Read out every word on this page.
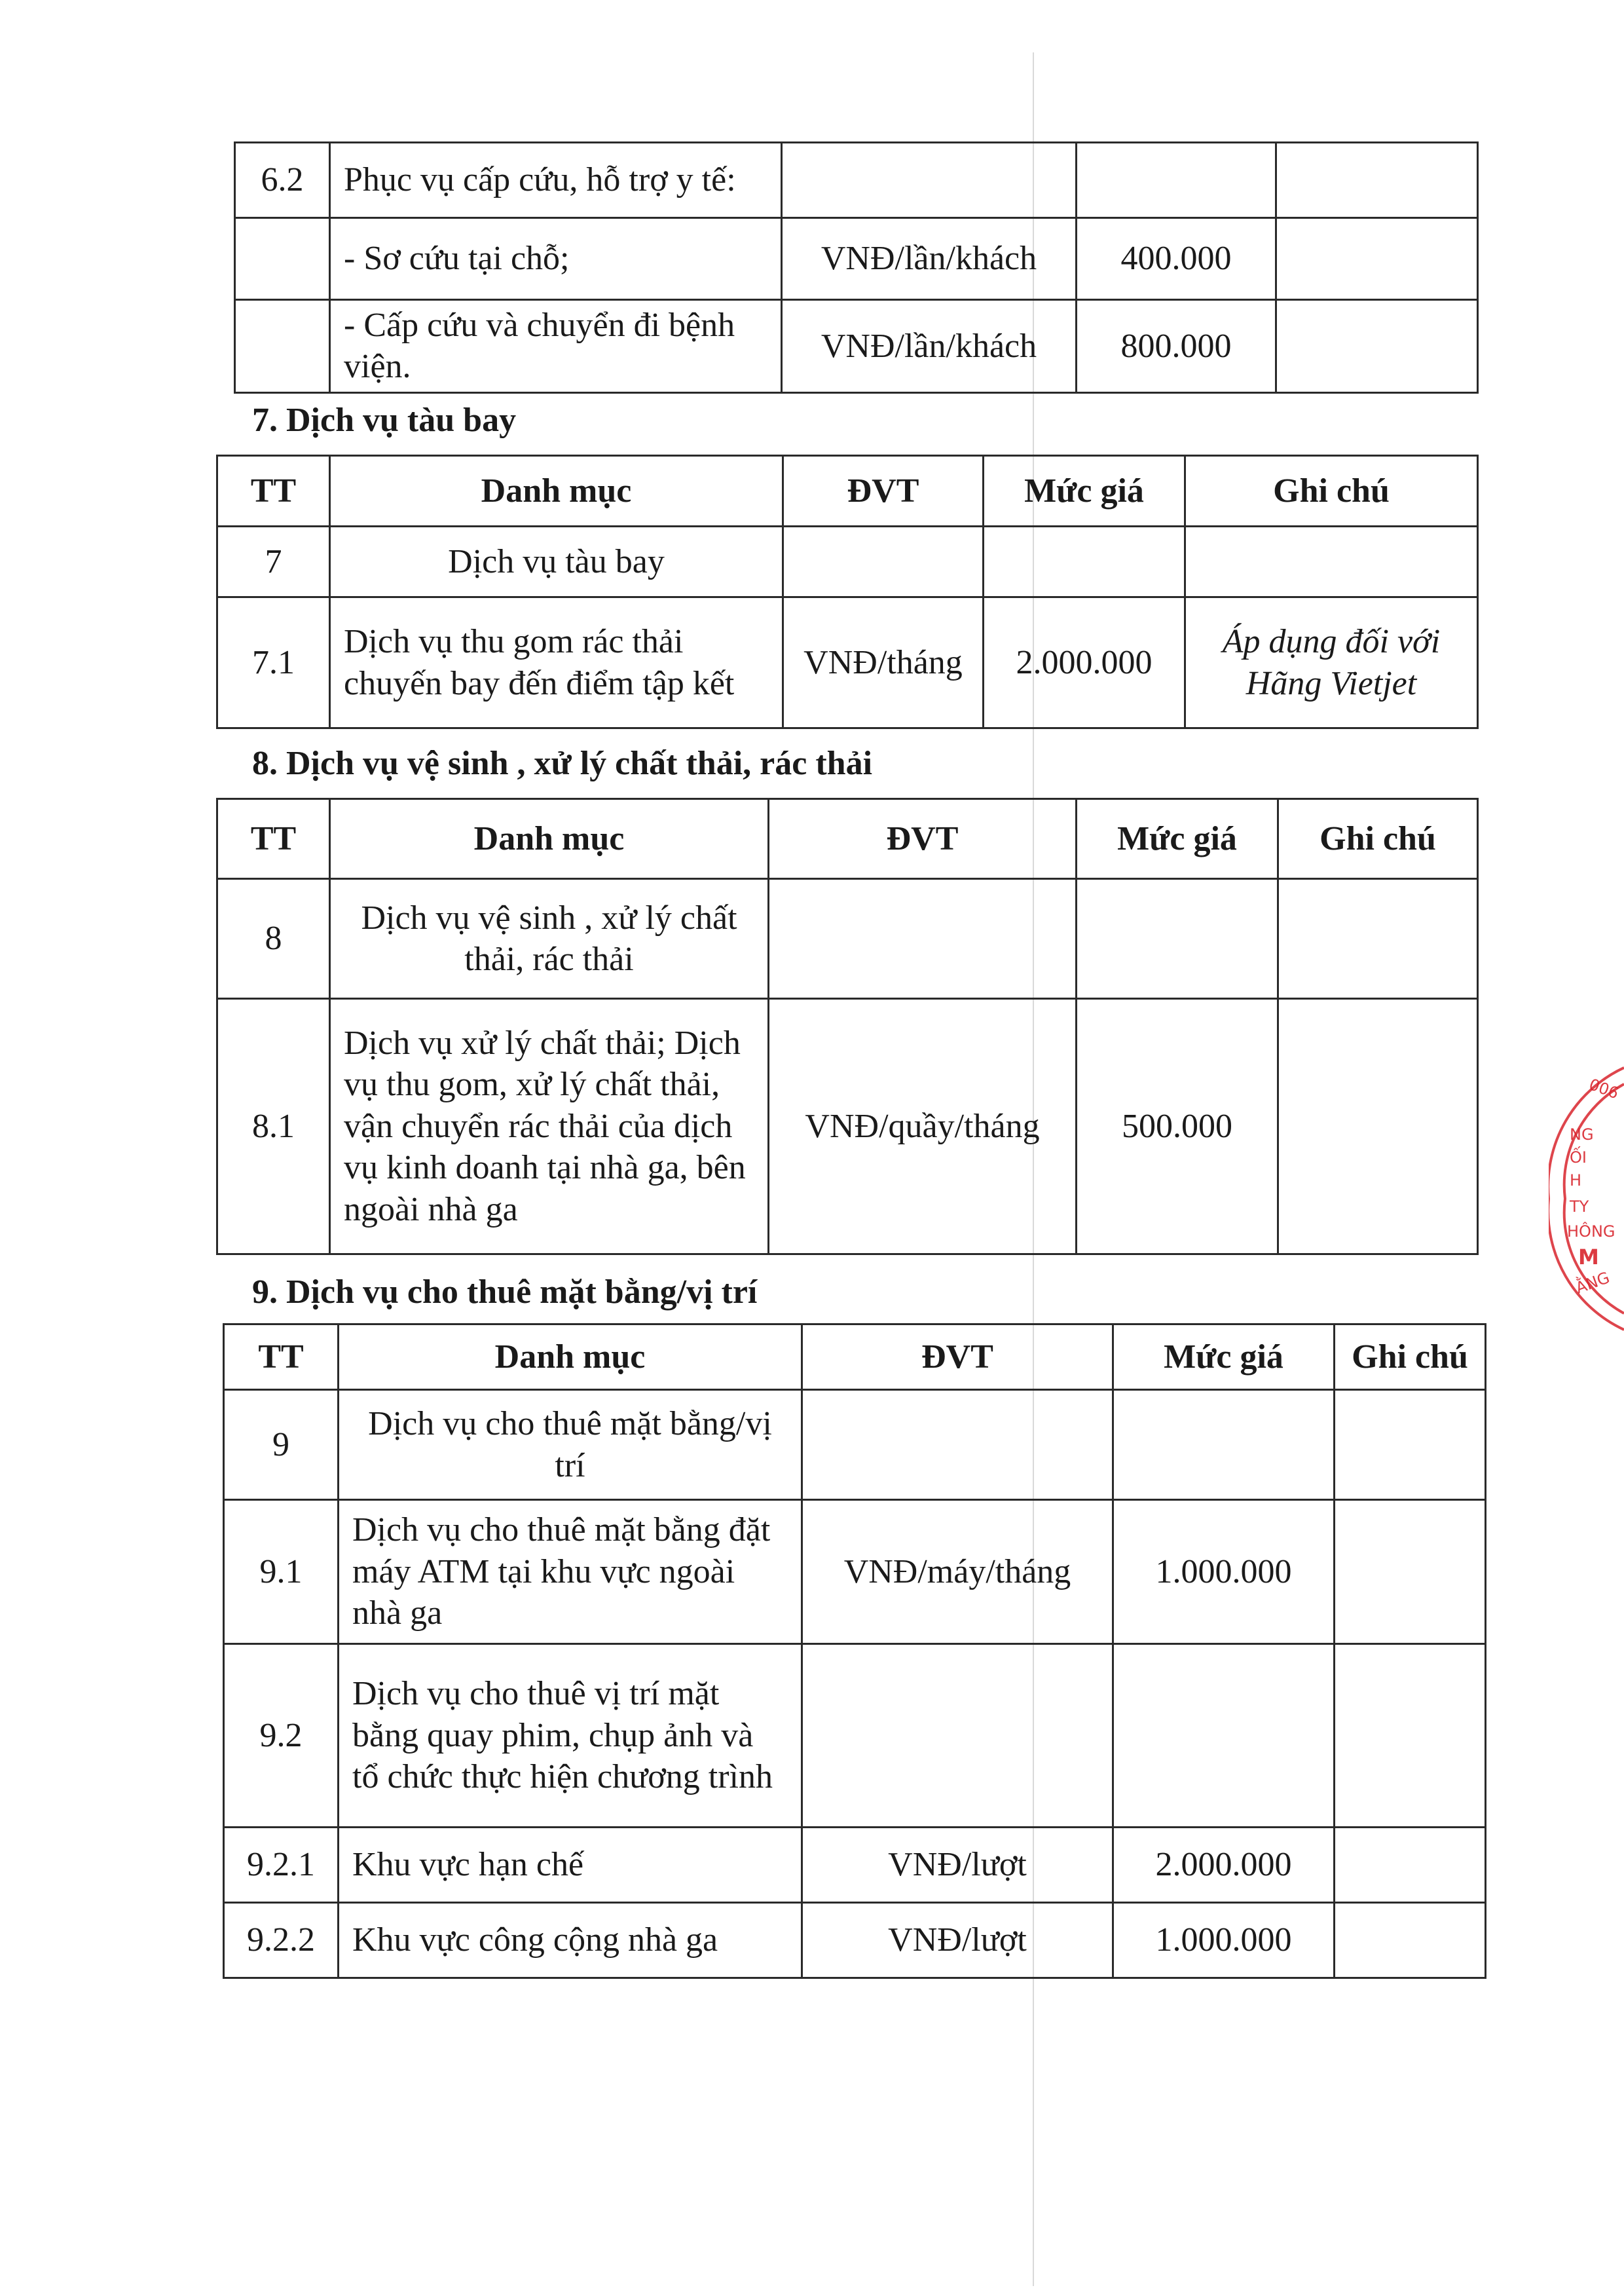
6.2	Phục vụ cấp cứu, hỗ trợ y tế:			
	- Sơ cứu tại chỗ;	VNĐ/lần/khách	400.000	
	- Cấp cứu và chuyển đi bệnh viện.	VNĐ/lần/khách	800.000	
7. Dịch vụ tàu bay
TT	Danh mục	ĐVT	Mức giá	Ghi chú
7	Dịch vụ tàu bay			
7.1	Dịch vụ thu gom rác thải chuyến bay đến điểm tập kết	VNĐ/tháng	2.000.000	Áp dụng đối với Hãng Vietjet
8. Dịch vụ vệ sinh , xử lý chất thải, rác thải
TT	Danh mục	ĐVT	Mức giá	Ghi chú
8	Dịch vụ vệ sinh , xử lý chất thải, rác thải			
8.1	Dịch vụ xử lý chất thải; Dịch vụ thu gom, xử lý chất thải, vận chuyển rác thải của dịch vụ kinh doanh tại nhà ga, bên ngoài nhà ga	VNĐ/quầy/tháng	500.000	
9. Dịch vụ cho thuê mặt bằng/vị trí
TT	Danh mục	ĐVT	Mức giá	Ghi chú
9	Dịch vụ cho thuê mặt bằng/vị trí			
9.1	Dịch vụ cho thuê mặt bằng đặt máy ATM tại khu vực ngoài nhà ga	VNĐ/máy/tháng	1.000.000	
9.2	Dịch vụ cho thuê vị trí mặt bằng quay phim, chụp ảnh và tổ chức thực hiện chương trình			
9.2.1	Khu vực hạn chế	VNĐ/lượt	2.000.000	
9.2.2	Khu vực công cộng nhà ga	VNĐ/lượt	1.000.000	
006
NG
ỐI
H
TY
HÔNG
M
ẰNG
